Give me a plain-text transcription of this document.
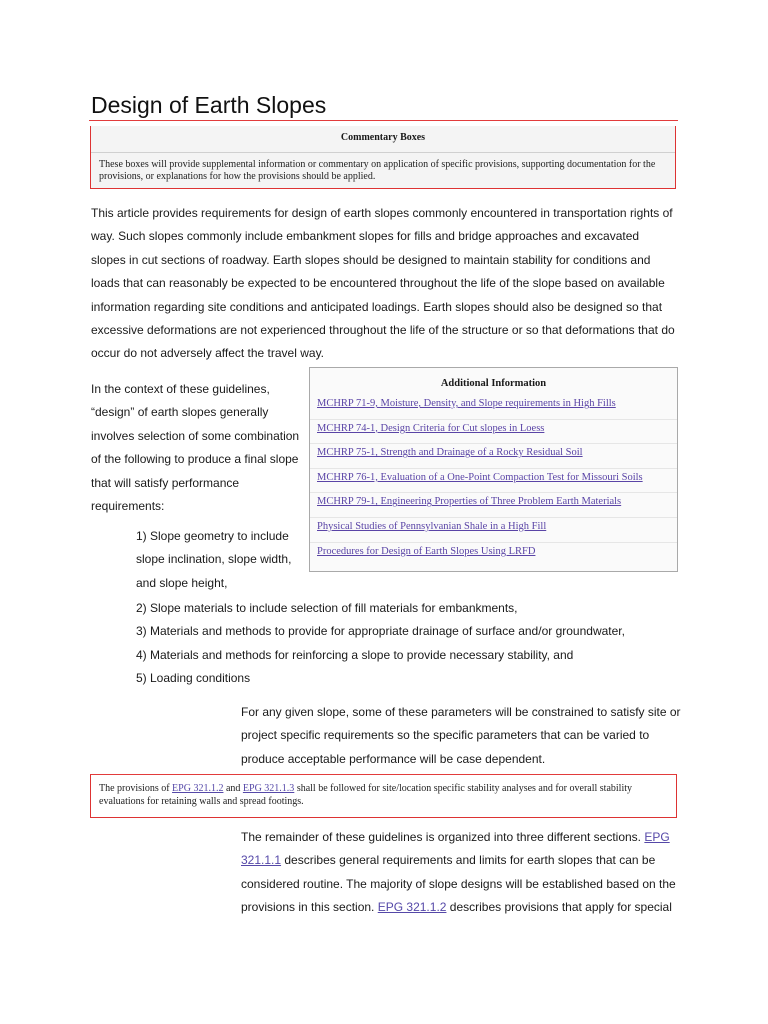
Design of Earth Slopes
Commentary Boxes
These boxes will provide supplemental information or commentary on application of specific provisions, supporting documentation for the provisions, or explanations for how the provisions should be applied.

This article provides requirements for design of earth slopes commonly encountered in transportation rights of way. Such slopes commonly include embankment slopes for fills and bridge approaches and excavated slopes in cut sections of roadway. Earth slopes should be designed to maintain stability for conditions and loads that can reasonably be expected to be encountered throughout the life of the slope based on available information regarding site conditions and anticipated loadings. Earth slopes should also be designed so that excessive deformations are not experienced throughout the life of the structure or so that deformations that do occur do not adversely affect the travel way.

In the context of these guidelines, “design” of earth slopes generally involves selection of some combination of the following to produce a final slope that will satisfy performance requirements:

Additional Information
MCHRP 71-9, Moisture, Density, and Slope requirements in High Fills
MCHRP 74-1, Design Criteria for Cut slopes in Loess
MCHRP 75-1, Strength and Drainage of a Rocky Residual Soil
MCHRP 76-1, Evaluation of a One-Point Compaction Test for Missouri Soils
MCHRP 79-1, Engineering Properties of Three Problem Earth Materials
Physical Studies of Pennsylvanian Shale in a High Fill
Procedures for Design of Earth Slopes Using LRFD
1) Slope geometry to include slope inclination, slope width, and slope height,
2) Slope materials to include selection of fill materials for embankments,
3) Materials and methods to provide for appropriate drainage of surface and/or groundwater,
4) Materials and methods for reinforcing a slope to provide necessary stability, and
5) Loading conditions

For any given slope, some of these parameters will be constrained to satisfy site or project specific requirements so the specific parameters that can be varied to produce acceptable performance will be case dependent.

The provisions of EPG 321.1.2 and EPG 321.1.3 shall be followed for site/location specific stability analyses and for overall stability evaluations for retaining walls and spread footings.

The remainder of these guidelines is organized into three different sections. EPG 321.1.1 describes general requirements and limits for earth slopes that can be considered routine. The majority of slope designs will be established based on the provisions in this section. EPG 321.1.2 describes provisions that apply for special
